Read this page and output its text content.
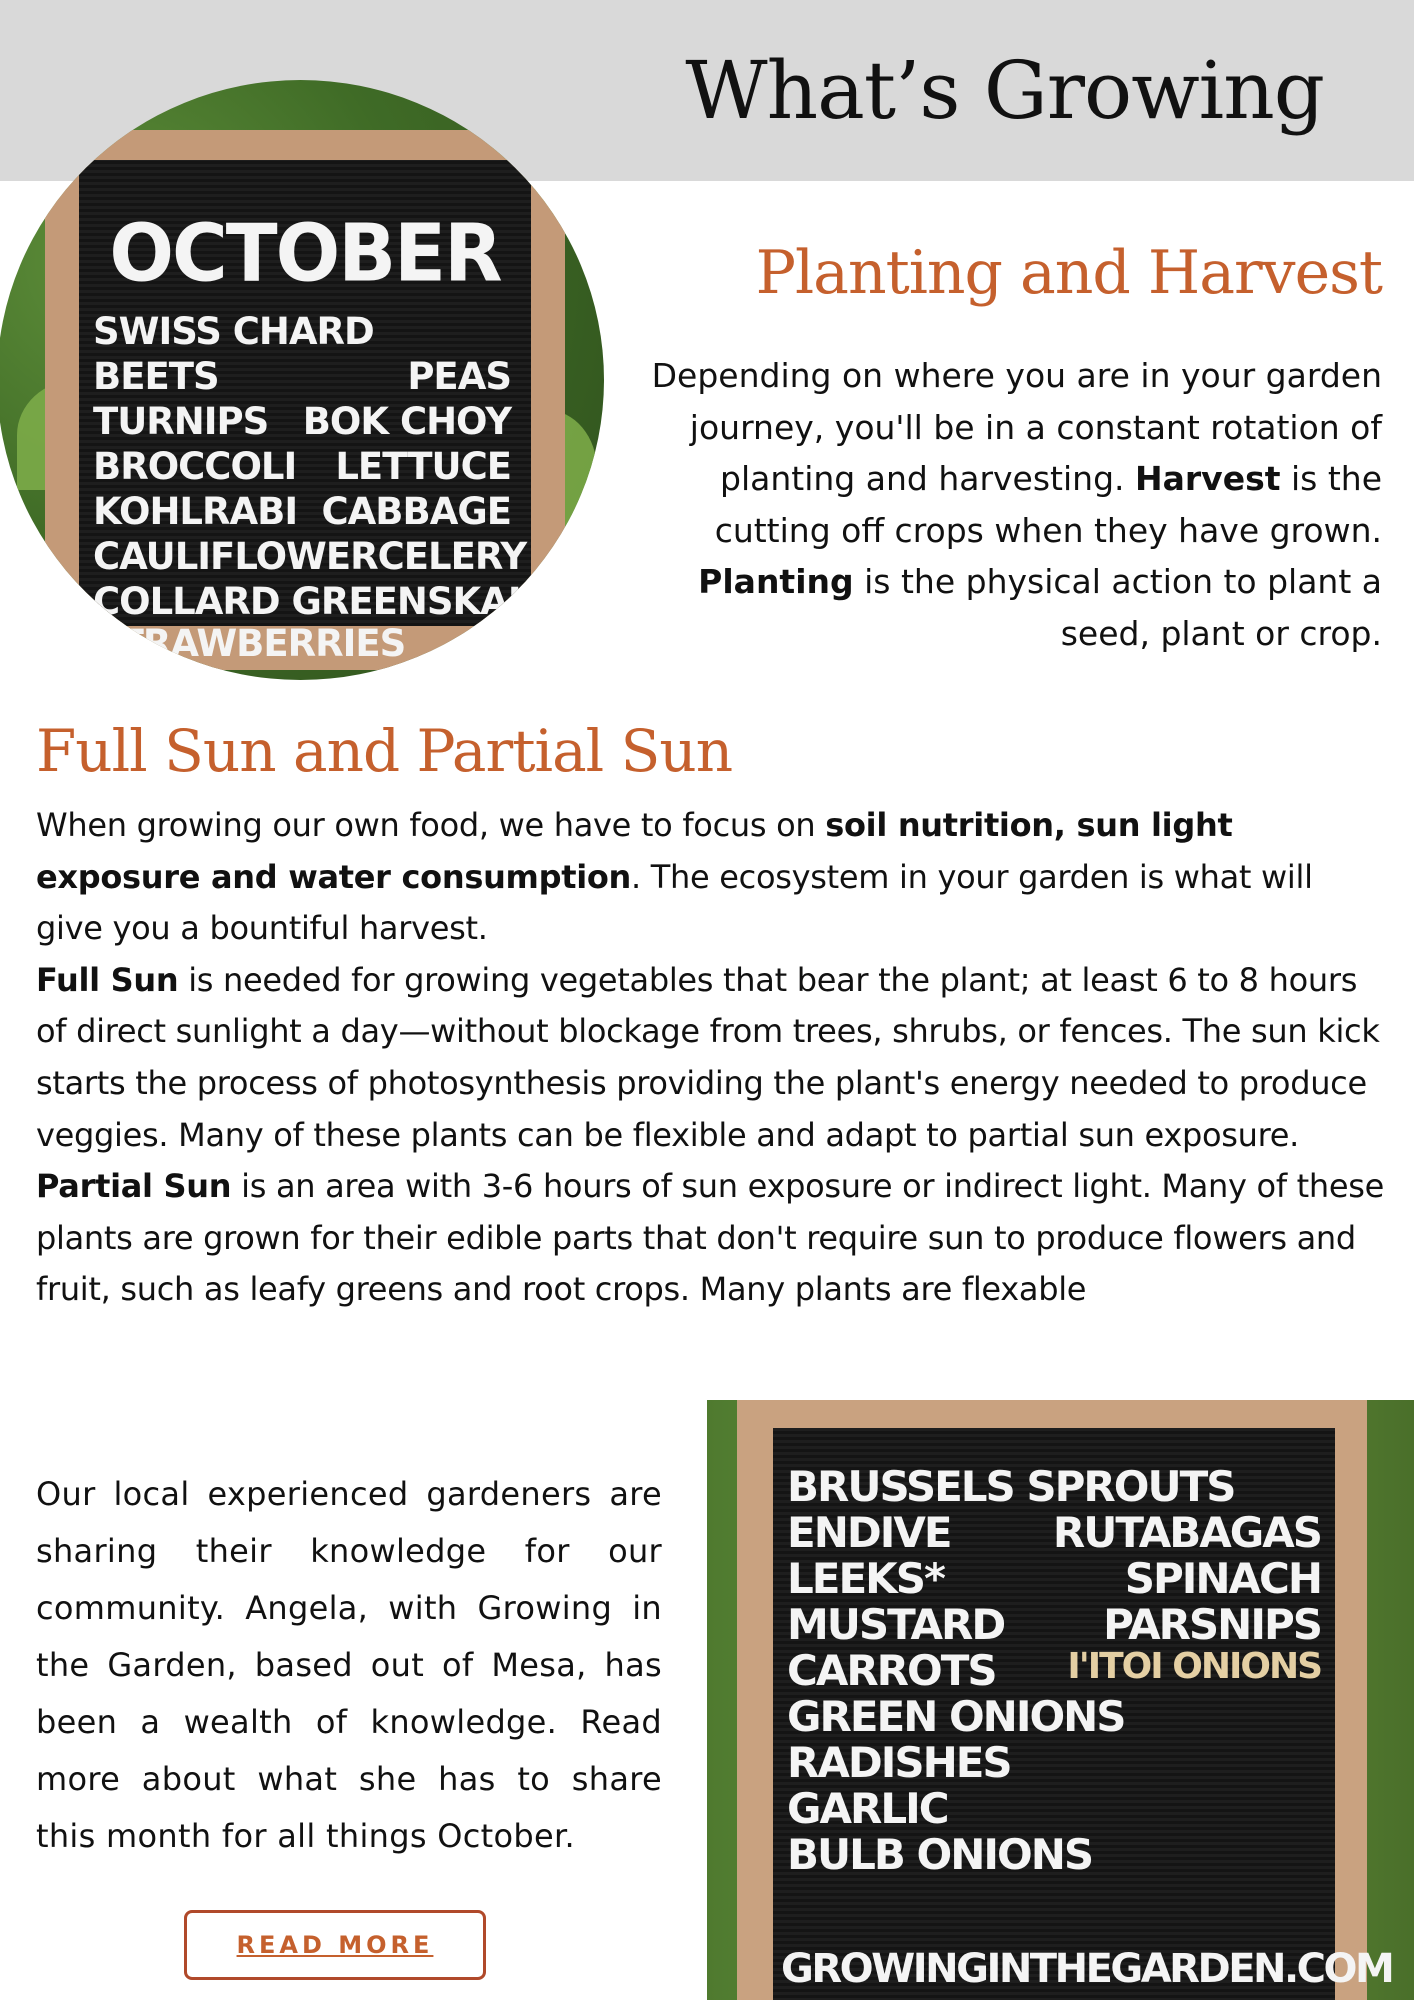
What’s Growing
OCTOBER
SWISS CHARD
BEETS	PEAS
TURNIPS BOK CHOY
BROCCOLI LETTUCE
KOHLRABI CABBAGE
CAULIFLOWER CELERY
COLLARD GREENS KALE
STRAWBERRIES
Planting and Harvest

Depending on where you are in your garden journey, you'll be in a constant rotation of planting and harvesting. Harvest is the cutting off crops when they have grown. Planting is the physical action to plant a seed, plant or crop.

Full Sun and Partial Sun

When growing our own food, we have to focus on soil nutrition, sun light exposure and water consumption. The ecosystem in your garden is what will give you a bountiful harvest.

Full Sun is needed for growing vegetables that bear the plant; at least 6 to 8 hours of direct sunlight a day—without blockage from trees, shrubs, or fences. The sun kick starts the process of photosynthesis providing the plant's energy needed to produce veggies. Many of these plants can be flexible and adapt to partial sun exposure.

Partial Sun is an area with 3-6 hours of sun exposure or indirect light. Many of these plants are grown for their edible parts that don't require sun to produce flowers and fruit, such as leafy greens and root crops. Many plants are flexable

Our local experienced gardeners are sharing their knowledge for our community. Angela, with Growing in the Garden, based out of Mesa, has been a wealth of knowledge. Read more about what she has to share this month for all things October.

READ MORE
BRUSSELS SPROUTS
ENDIVE RUTABAGAS
LEEKS*	SPINACH
MUSTARD PARSNIPS
CARROTS I'ITOI ONIONS
GREEN ONIONS
RADISHES
GARLIC
BULB ONIONS
GROWINGINTHEGARDEN.COM
